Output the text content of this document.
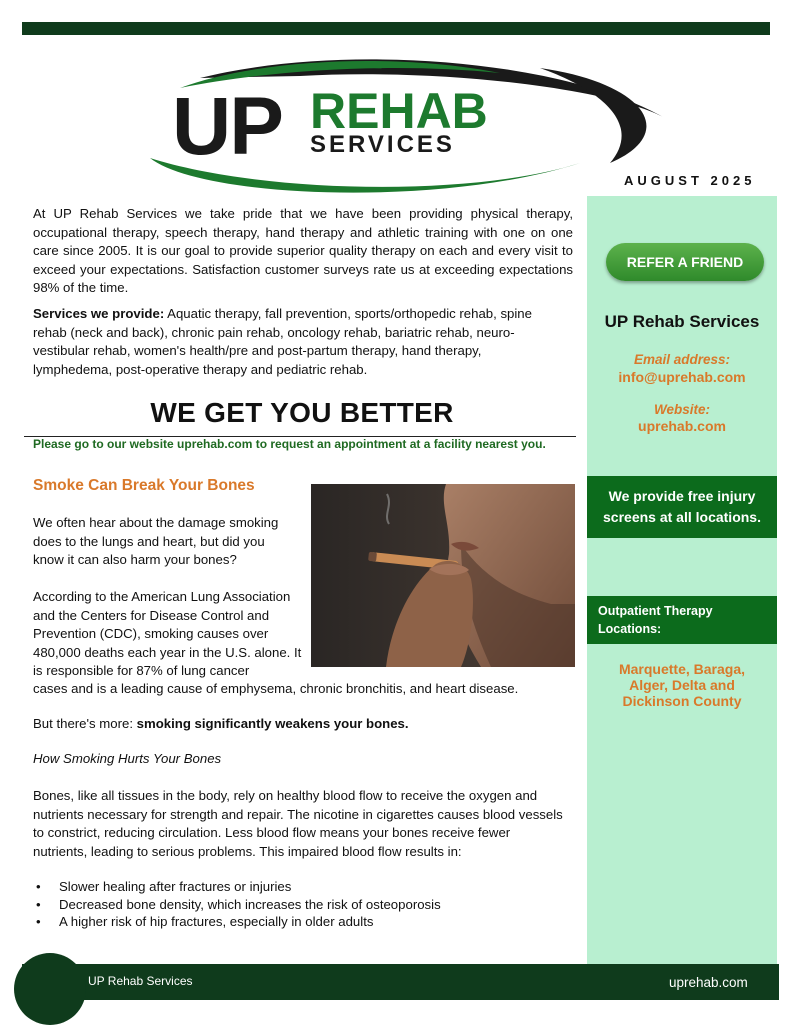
UP REHAB
SERVICES
AUGUST 2025
REFER A FRIEND
UP Rehab Services
Email address:
info@uprehab.com
Website:
uprehab.com
We provide free injury
screens at all locations.
Outpatient Therapy
Locations:
Marquette, Baraga,
Alger, Delta and
Dickinson County
At UP Rehab Services we take pride that we have been providing physical therapy, occupational therapy, speech therapy, hand therapy and athletic training with one on one care since 2005. It is our goal to provide superior quality therapy on each and every visit to exceed your expectations. Satisfaction customer surveys rate us at exceeding expectations 98% of the time.
Services we provide: Aquatic therapy, fall prevention, sports/orthopedic rehab, spine rehab (neck and back), chronic pain rehab, oncology rehab, bariatric rehab, neuro-vestibular rehab, women's health/pre and post-partum therapy, hand therapy, lymphedema, post-operative therapy and pediatric rehab.
WE GET YOU BETTER
Please go to our website uprehab.com to request an appointment at a facility nearest you.
Smoke Can Break Your Bones
We often hear about the damage smoking does to the lungs and heart, but did you know it can also harm your bones?
According to the American Lung Association and the Centers for Disease Control and Prevention (CDC), smoking causes over 480,000 deaths each year in the U.S. alone. It is responsible for 87% of lung cancer
cases and is a leading cause of emphysema, chronic bronchitis, and heart disease.
But there's more: smoking significantly weakens your bones.
How Smoking Hurts Your Bones
Bones, like all tissues in the body, rely on healthy blood flow to receive the oxygen and nutrients necessary for strength and repair. The nicotine in cigarettes causes blood vessels to constrict, reducing circulation. Less blood flow means your bones receive fewer nutrients, leading to serious problems. This impaired blood flow results in:
• Slower healing after fractures or injuries
• Decreased bone density, which increases the risk of osteoporosis
• A higher risk of hip fractures, especially in older adults
UP Rehab Services	uprehab.com
